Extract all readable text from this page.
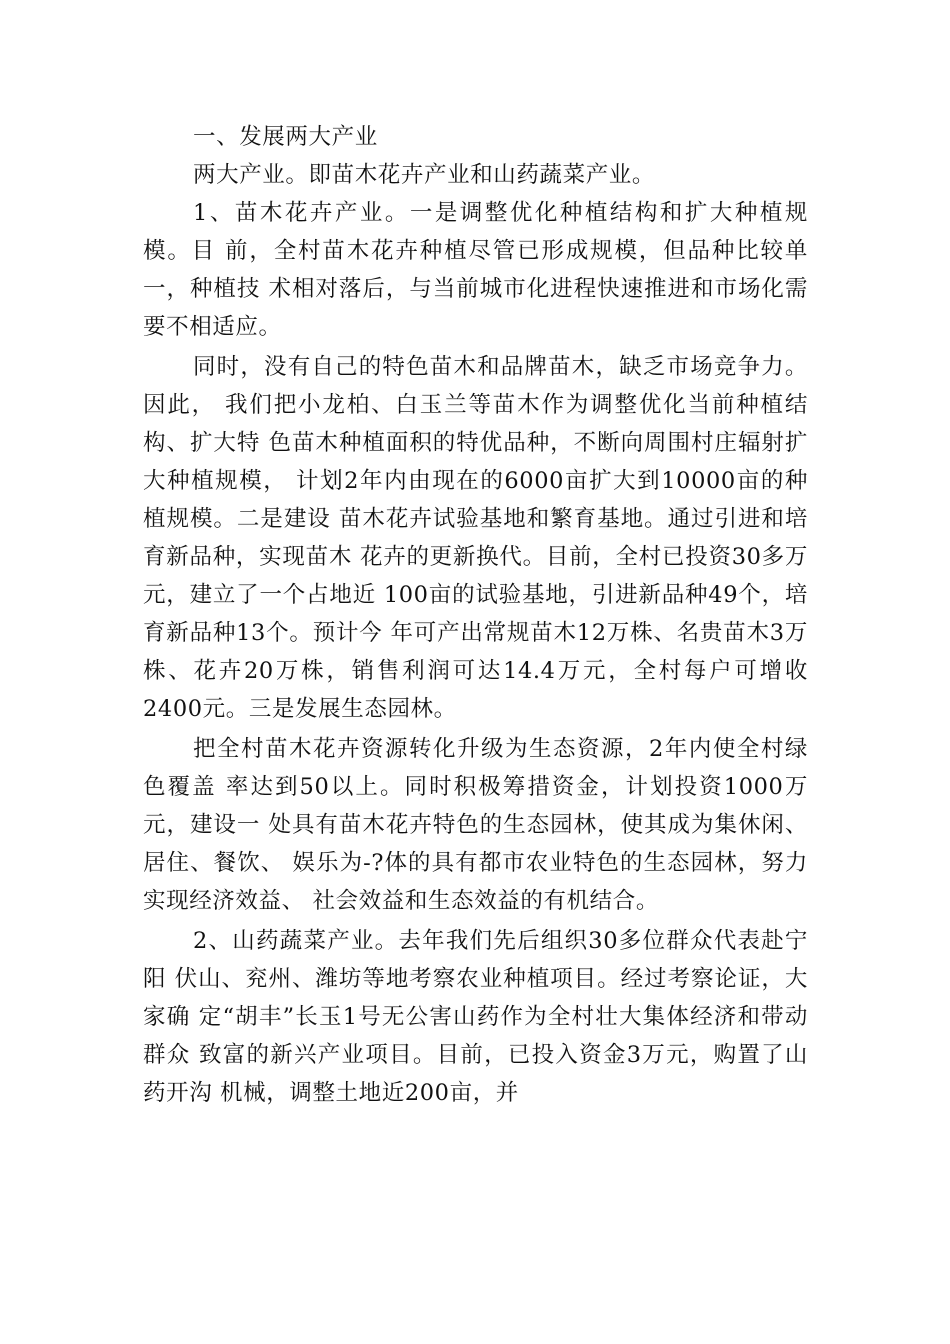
一、发展两大产业

两大产业。即苗木花卉产业和山药蔬菜产业。

1、苗木花卉产业。一是调整优化种植结构和扩大种植规模。目 前，全村苗木花卉种植尽管已形成规模，但品种比较单一，种植技 术相对落后，与当前城市化进程快速推进和市场化需要不相适应。

同时，没有自己的特色苗木和品牌苗木，缺乏市场竞争力。因此， 我们把小龙柏、白玉兰等苗木作为调整优化当前种植结构、扩大特 色苗木种植面积的特优品种，不断向周围村庄辐射扩大种植规模， 计划2年内由现在的6000亩扩大到10000亩的种植规模。二是建设 苗木花卉试验基地和繁育基地。通过引进和培育新品种，实现苗木 花卉的更新换代。目前，全村已投资30多万元，建立了一个占地近 100亩的试验基地，引进新品种49个，培育新品种13个。预计今 年可产出常规苗木12万株、名贵苗木3万株、花卉20万株，销售利润可达14.4万元，全村每户可增收2400元。三是发展生态园林。

把全村苗木花卉资源转化升级为生态资源，2年内使全村绿色覆盖 率达到50以上。同时积极筹措资金，计划投资1000万元，建设一 处具有苗木花卉特色的生态园林，使其成为集休闲、居住、餐饮、 娱乐为-?体的具有都市农业特色的生态园林，努力实现经济效益、 社会效益和生态效益的有机结合。

2、山药蔬菜产业。去年我们先后组织30多位群众代表赴宁阳 伏山、兖州、潍坊等地考察农业种植项目。经过考察论证，大家确 定“胡丰”长玉1号无公害山药作为全村壮大集体经济和带动群众 致富的新兴产业项目。目前，已投入资金3万元，购置了山药开沟 机械，调整土地近200亩，并
